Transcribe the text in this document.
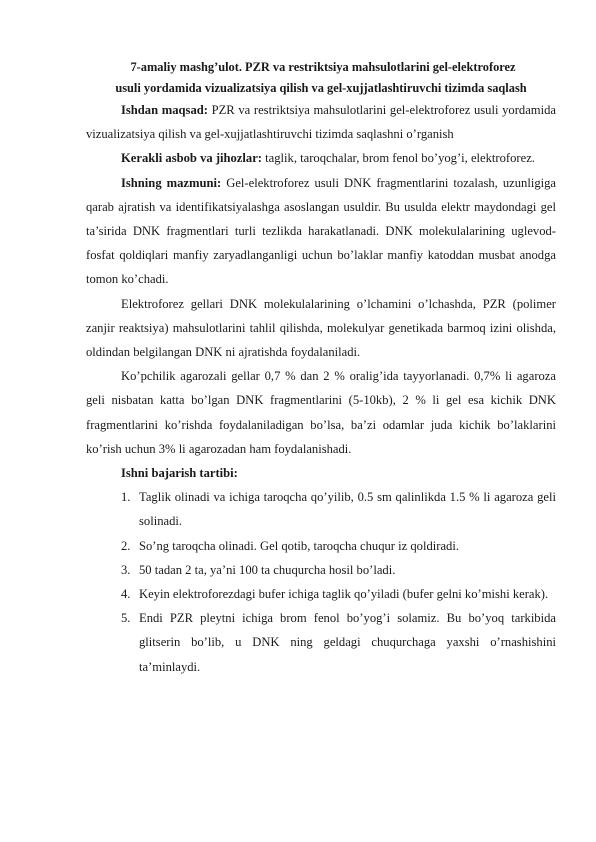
7-amaliy mashg’ulot. PZR va restriktsiya mahsulotlarini gel-elektroforez
usuli yordamida vizualizatsiya qilish va gel-xujjatlashtiruvchi tizimda saqlash

Ishdan maqsad: PZR va restriktsiya mahsulotlarini gel-elektroforez usuli yordamida vizualizatsiya qilish va gel-xujjatlashtiruvchi tizimda saqlashni o’rganish

Kerakli asbob va jihozlar: taglik, taroqchalar, brom fenol bo’yog’i, elektroforez.

Ishning mazmuni: Gel-elektroforez usuli DNK fragmentlarini tozalash, uzunligiga qarab ajratish va identifikatsiyalashga asoslangan usuldir. Bu usulda elektr maydondagi gel ta’sirida DNK fragmentlari turli tezlikda harakatlanadi. DNK molekulalarining uglevod-fosfat qoldiqlari manfiy zaryadlanganligi uchun bo’laklar manfiy katoddan musbat anodga tomon ko’chadi.

Elektroforez gellari DNK molekulalarining o’lchamini o’lchashda, PZR (polimer zanjir reaktsiya) mahsulotlarini tahlil qilishda, molekulyar genetikada barmoq izini olishda, oldindan belgilangan DNK ni ajratishda foydalaniladi.

Ko’pchilik agarozali gellar 0,7 % dan 2 % oralig’ida tayyorlanadi. 0,7% li agaroza geli nisbatan katta bo’lgan DNK fragmentlarini (5-10kb), 2 % li gel esa kichik DNK fragmentlarini ko’rishda foydalaniladigan bo’lsa, ba’zi odamlar juda kichik bo’laklarini ko’rish uchun 3% li agarozadan ham foydalanishadi.

Ishni bajarish tartibi:
1. Taglik olinadi va ichiga taroqcha qo’yilib, 0.5 sm qalinlikda 1.5 % li agaroza geli solinadi.
2. So’ng taroqcha olinadi. Gel qotib, taroqcha chuqur iz qoldiradi.
3. 50 tadan 2 ta, ya’ni 100 ta chuqurcha hosil bo’ladi.
4. Keyin elektroforezdagi bufer ichiga taglik qo’yiladi (bufer gelni ko’mishi kerak).
5. Endi PZR pleytni ichiga brom fenol bo’yog’i solamiz. Bu bo’yoq tarkibida glitserin bo’lib, u DNK ning geldagi chuqurchaga yaxshi o’rnashishini ta’minlaydi.
